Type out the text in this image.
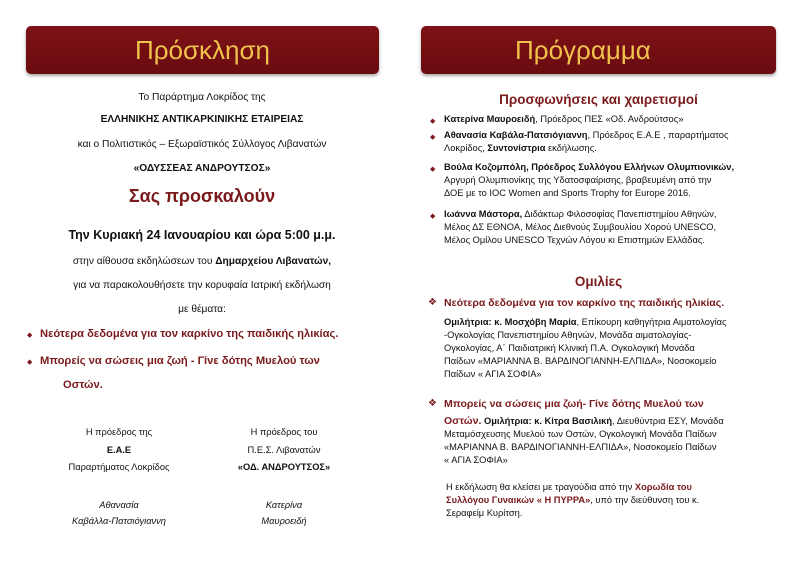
Πρόσκληση
Το Παράρτημα Λοκρίδος της
ΕΛΛΗΝΙΚΗΣ ΑΝΤΙΚΑΡΚΙΝΙΚΗΣ ΕΤΑΙΡΕΙΑΣ
και ο Πολιτιστικός – Εξωραϊστικός Σύλλογος Λιβανατών
«ΟΔΥΣΣΕΑΣ ΑΝΔΡΟΥΤΣΟΣ»
Σας προσκαλούν
Την Κυριακή 24 Ιανουαρίου και ώρα 5:00 μ.μ.
στην αίθουσα εκδηλώσεων του Δημαρχείου Λιβανατών,
για να παρακολουθήσετε την κορυφαία Ιατρική εκδήλωση
με θέματα:
◆ Νεότερα δεδομένα για τον καρκίνο της παιδικής ηλικίας.
◆ Μπορείς να σώσεις μια ζωή - Γίνε δότης Μυελού των
Οστών.
Η πρόεδρος της
Ε.Α.Ε
Παραρτήματος Λοκρίδος
Αθανασία
Καβάλλα-Πατσιόγιαννη
Η πρόεδρος του
Π.Ε.Σ. Λιβανατών
«ΟΔ. ΑΝΔΡΟΥΤΣΟΣ»
Κατερίνα
Μαυροειδή
Πρόγραμμα
Προσφωνήσεις και χαιρετισμοί
◆ Κατερίνα Μαυροειδή, Πρόεδρος ΠΕΣ «Οδ. Ανδρούτσος»
◆ Αθανασία Καβάλα-Πατσιόγιαννη, Πρόεδρος Ε.Α.Ε , παραρτήματος
Λοκρίδος, Συντονίστρια εκδήλωσης.
◆ Βούλα Κοζομπόλη, Πρόεδρος Συλλόγου Ελλήνων Ολυμπιονικών,
Αργυρή Ολυμπιονίκης της Υδατοσφαίρισης, βραβευμένη από την
ΔΟΕ με το IOC Women and Sports Trophy for Europe 2016.
◆ Ιωάννα Μάστορα, Διδάκτωρ Φιλοσοφίας Πανεπιστημίου Αθηνών,
Μέλος ΔΣ ΕΘΝΟΑ, Μέλος Διεθνούς Συμβουλίου Χορού UNESCO,
Μέλος Ομίλου UNESCO Τεχνών Λόγου κι Επιστημών Ελλάδας.
Ομιλίες
❖ Νεότερα δεδομένα για τον καρκίνο της παιδικής ηλικίας.
Ομιλήτρια: κ. Μοσχόβη Μαρία, Επίκουρη καθηγήτρια Αιματολογίας
-Ογκολογίας Πανεπιστημίου Αθηνών, Μονάδα αιματολογίας-
Ογκολογίας, Α΄ Παιδιατρική Κλινική Π.Α. Ογκολογική Μονάδα
Παίδων «ΜΑΡΙΑΝΝΑ Β. ΒΑΡΔΙΝΟΓΙΑΝΝΗ-ΕΛΠΙΔΑ», Νοσοκομείο
Παίδων « ΑΓΙΑ ΣΟΦΙΑ»
❖ Μπορείς να σώσεις μια ζωή- Γίνε δότης Μυελού των
Οστών. Ομιλήτρια: κ. Κίτρα Βασιλική, Διευθύντρια ΕΣΥ, Μονάδα
Μεταμόσχευσης Μυελού των Οστών, Ογκολογική Μονάδα Παίδων
«ΜΑΡΙΑΝΝΑ Β. ΒΑΡΔΙΝΟΓΙΑΝΝΗ-ΕΛΠΙΔΑ», Νοσοκομείο Παίδων
« ΑΓΙΑ ΣΟΦΙΑ»
Η εκδήλωση θα κλείσει με τραγούδια από την Χορωδία του
Συλλόγου Γυναικών « Η ΠΥΡΡΑ», υπό την διεύθυνση του κ.
Σεραφείμ Κυρίτση.
